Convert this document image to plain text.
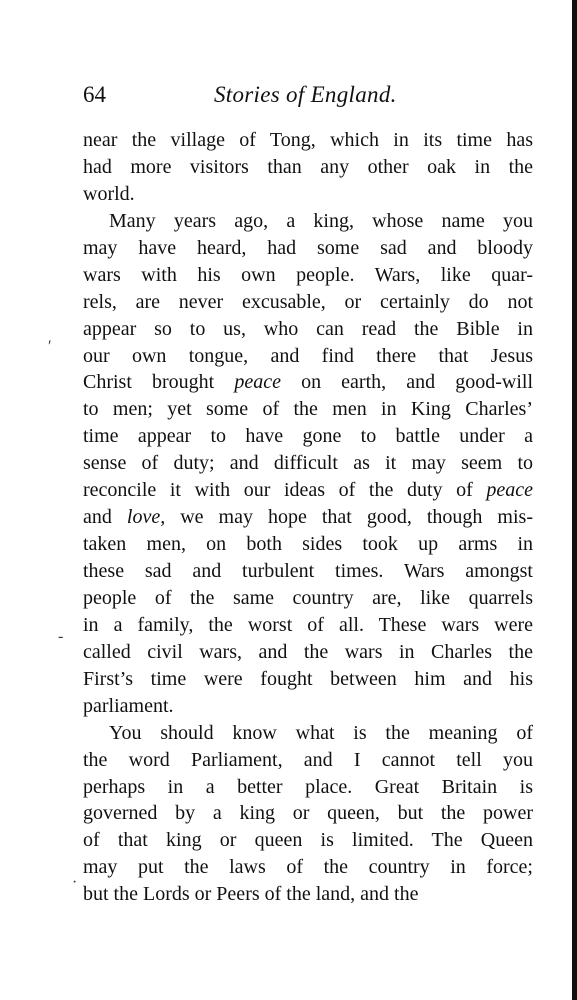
64	Stories of England.
near the village of Tong, which in its time has
had more visitors than any other oak in the
world.
Many years ago, a king, whose name you
may have heard, had some sad and bloody
wars with his own people. Wars, like quar-
rels, are never excusable, or certainly do not
appear so to us, who can read the Bible in
our own tongue, and find there that Jesus
Christ brought peace on earth, and good-will
to men; yet some of the men in King Charles’
time appear to have gone to battle under a
sense of duty; and difficult as it may seem to
reconcile it with our ideas of the duty of peace
and love, we may hope that good, though mis-
taken men, on both sides took up arms in
these sad and turbulent times. Wars amongst
people of the same country are, like quarrels
in a family, the worst of all. These wars were
called civil wars, and the wars in Charles the
First’s time were fought between him and his
parliament.
You should know what is the meaning of
the word Parliament, and I cannot tell you
perhaps in a better place. Great Britain is
governed by a king or queen, but the power
of that king or queen is limited. The Queen
may put the laws of the country in force;
but the Lords or Peers of the land, and the
′
-
·
